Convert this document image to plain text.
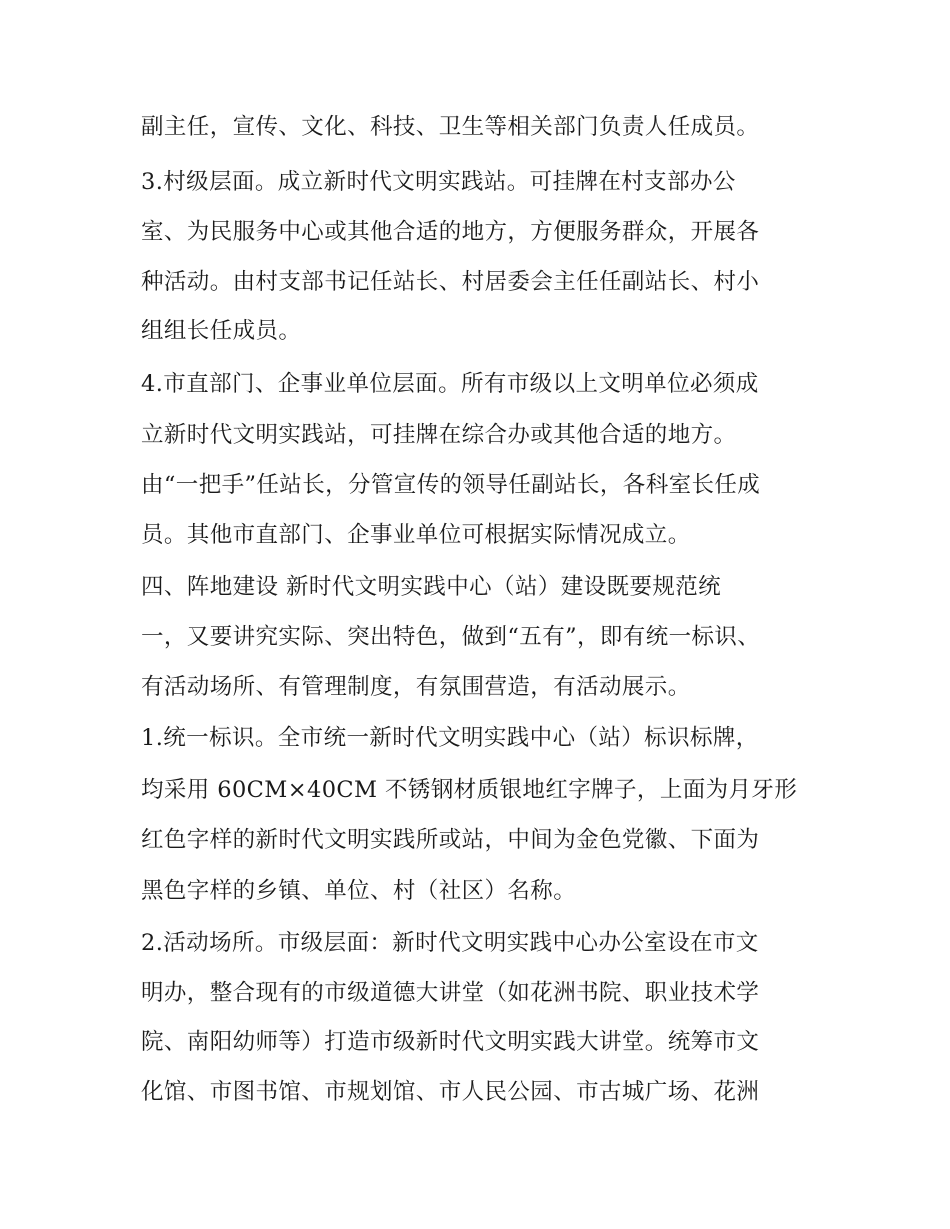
副主任，宣传、文化、科技、卫生等相关部门负责人任成员。
3.村级层面。成立新时代文明实践站。可挂牌在村支部办公
室、为民服务中心或其他合适的地方，方便服务群众，开展各
种活动。由村支部书记任站长、村居委会主任任副站长、村小
组组长任成员。
4.市直部门、企事业单位层面。所有市级以上文明单位必须成
立新时代文明实践站，可挂牌在综合办或其他合适的地方。
由“一把手”任站长，分管宣传的领导任副站长，各科室长任成
员。其他市直部门、企事业单位可根据实际情况成立。
四、阵地建设 新时代文明实践中心（站）建设既要规范统
一，又要讲究实际、突出特色，做到“五有”，即有统一标识、
有活动场所、有管理制度，有氛围营造，有活动展示。
1.统一标识。全市统一新时代文明实践中心（站）标识标牌，
均采用 60CM×40CM 不锈钢材质银地红字牌子，上面为月牙形
红色字样的新时代文明实践所或站，中间为金色党徽、下面为
黑色字样的乡镇、单位、村（社区）名称。
2.活动场所。市级层面：新时代文明实践中心办公室设在市文
明办，整合现有的市级道德大讲堂（如花洲书院、职业技术学
院、南阳幼师等）打造市级新时代文明实践大讲堂。统筹市文
化馆、市图书馆、市规划馆、市人民公园、市古城广场、花洲
